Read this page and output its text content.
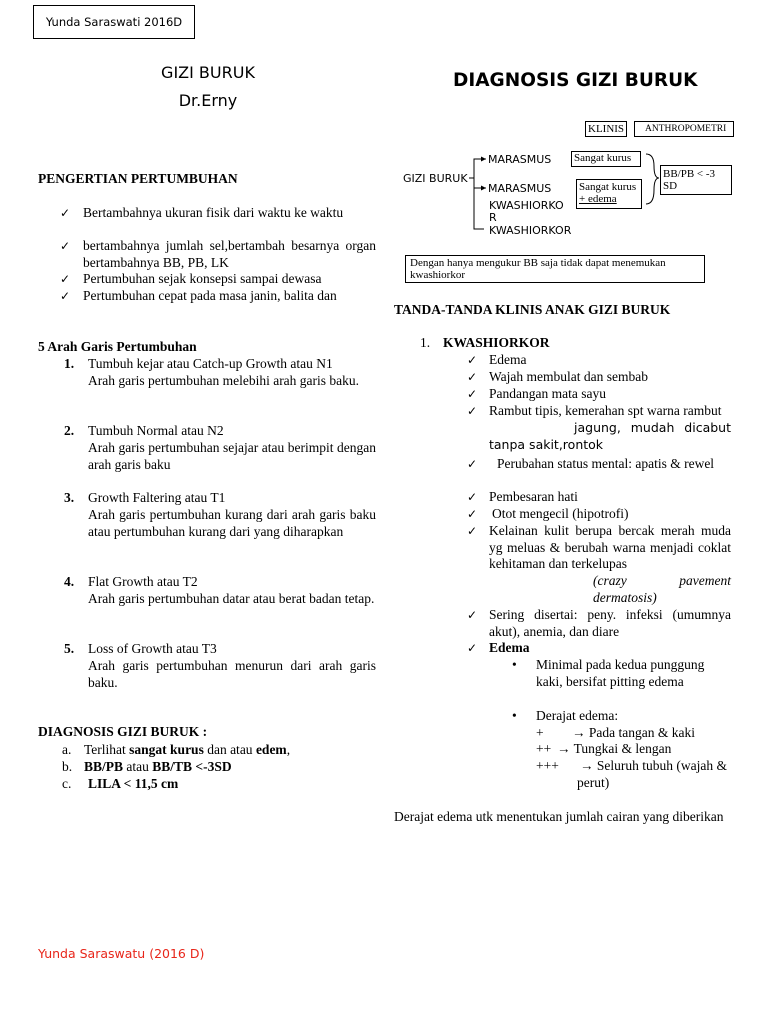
Yunda Saraswati 2016D
GIZI BURUK
Dr.Erny
DIAGNOSIS GIZI BURUK
PENGERTIAN PERTUMBUHAN
✓ Bertambahnya ukuran fisik dari waktu ke waktu
✓ bertambahnya jumlah sel,bertambah besarnya organ bertambahnya BB, PB, LK
✓ Pertumbuhan sejak konsepsi sampai dewasa
✓ Pertumbuhan cepat pada masa janin, balita dan
5 Arah Garis Pertumbuhan
1. Tumbuh kejar atau Catch-up Growth atau N1
Arah garis pertumbuhan melebihi arah garis baku.
2. Tumbuh Normal atau N2
Arah garis pertumbuhan sejajar atau berimpit dengan arah garis baku
3. Growth Faltering atau T1
Arah garis pertumbuhan kurang dari arah garis baku atau pertumbuhan kurang dari yang diharapkan
4. Flat Growth atau T2
Arah garis pertumbuhan datar atau berat badan tetap.
5. Loss of Growth atau T3
Arah garis pertumbuhan menurun dari arah garis baku.
DIAGNOSIS GIZI BURUK :
a. Terlihat sangat kurus dan atau edem,
b. BB/PB atau BB/TB <-3SD
c. LILA < 11,5 cm
KLINIS	ANTHROPOMETRI
GIZI BURUK
MARASMUS
MARASMUS
KWASHIORKO
R
KWASHIORKOR
Sangat kurus
Sangat kurus
+ edema
BB/PB < -3
SD
Dengan hanya mengukur BB saja tidak dapat menemukan kwashiorkor
TANDA-TANDA KLINIS ANAK GIZI BURUK
1. KWASHIORKOR
✓ Edema
✓ Wajah membulat dan sembab
✓ Pandangan mata sayu
✓ Rambut tipis, kemerahan spt warna rambut
jagung, mudah dicabut tanpa sakit,rontok
✓	Perubahan status mental: apatis & rewel
✓ Pembesaran hati
✓ Otot mengecil (hipotrofi)
✓ Kelainan kulit berupa bercak merah muda yg meluas & berubah warna menjadi coklat kehitaman dan terkelupas
(crazy pavement dermatosis)
✓ Sering disertai: peny. infeksi (umumnya akut), anemia, dan diare
✓ Edema
• Minimal pada kedua punggung kaki, bersifat pitting edema
• Derajat edema:
+ → Pada tangan & kaki
++ → Tungkai & lengan
+++ → Seluruh tubuh (wajah & perut)
Derajat edema utk menentukan jumlah cairan yang diberikan
Yunda Saraswatu (2016 D)
